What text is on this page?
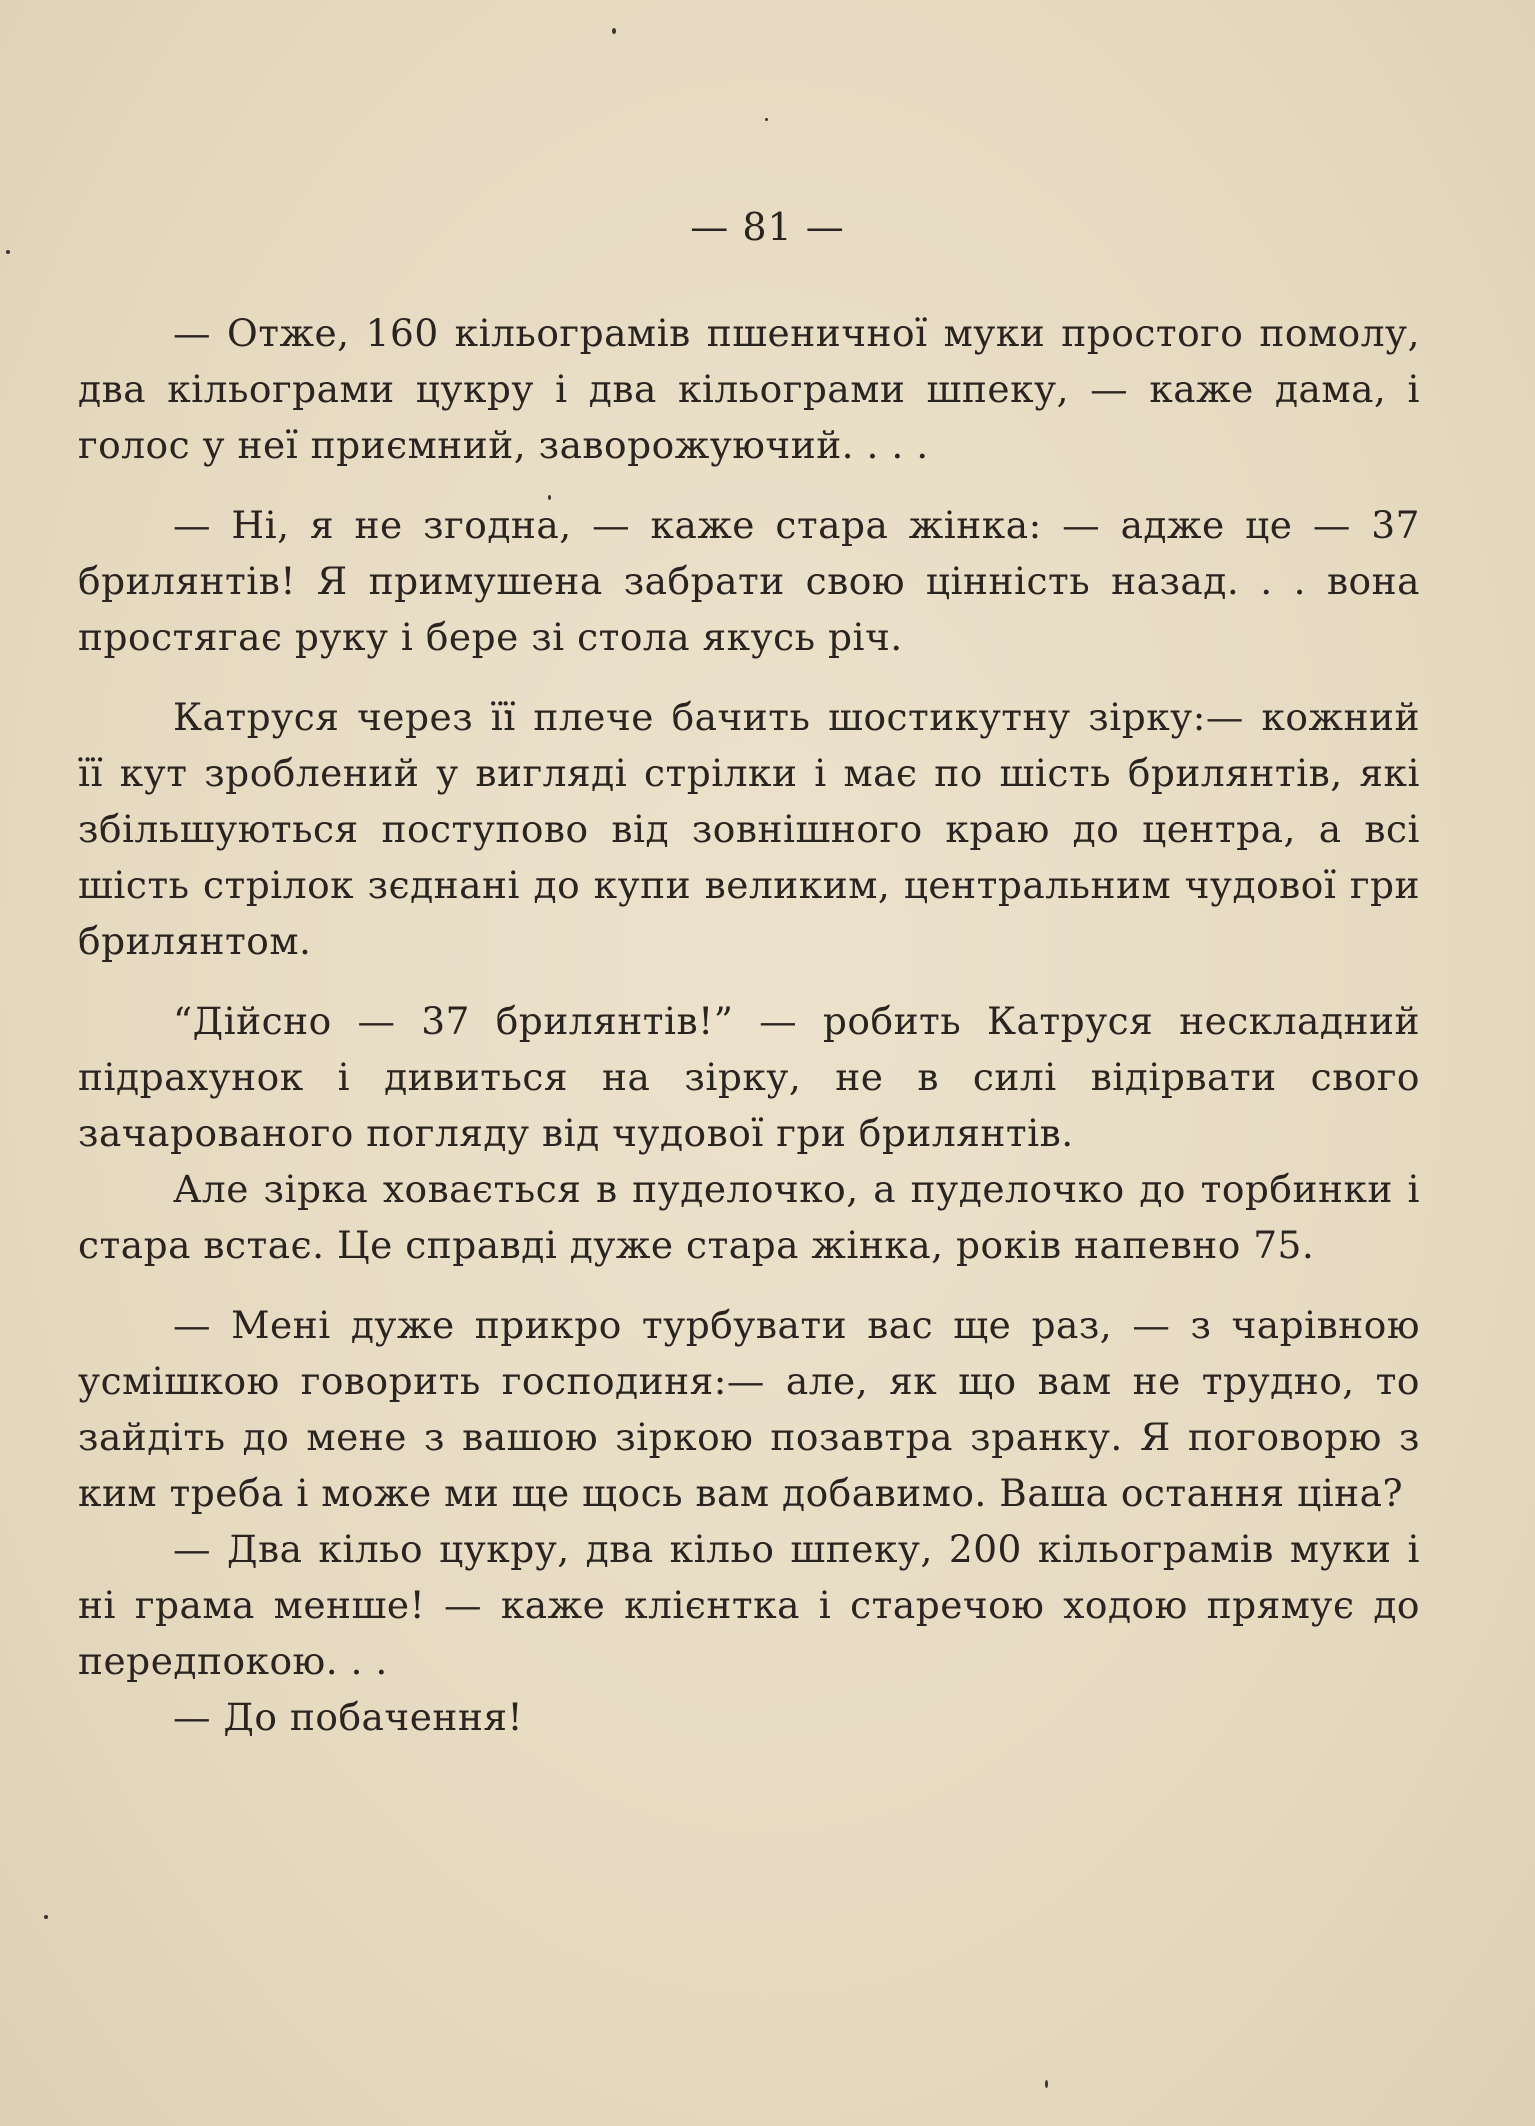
— 81 —

— Отже, 160 кільограмів пшеничної муки простого помолу, два кільограми цукру і два кільограми шпеку, — каже дама, і голос у неї приємний, заворожуючий. . . .

— Ні, я не згодна, — каже стара жінка: — адже це — 37 брилянтів! Я примушена забрати свою цінність назад. . . вона простягає руку і бере зі стола якусь річ.

Катруся через її плече бачить шостикутну зірку:— кожний її кут зроблений у вигляді стрілки і має по шість брилянтів, які збільшуються поступово від зовнішного краю до центра, а всі шість стрілок зєднані до купи великим, центральним чудової гри брилянтом.

“Дійсно — 37 брилянтів!” — робить Катруся нескладний підрахунок і дивиться на зірку, не в силі відірвати свого зачарованого погляду від чудової гри брилянтів.

Але зірка ховається в пуделочко, а пуделочко до торбинки і стара встає. Це справді дуже стара жінка, років напевно 75.

— Мені дуже прикро турбувати вас ще раз, — з чарівною усмішкою говорить господиня:— але, як що вам не трудно, то зайдіть до мене з вашою зіркою позавтра зранку. Я поговорю з ким треба і може ми ще щось вам добавимо. Ваша остання ціна?

— Два кільо цукру, два кільо шпеку, 200 кільограмів муки і ні грама менше! — каже клієнтка і старечою ходою прямує до передпокою. . .

— До побачення!
